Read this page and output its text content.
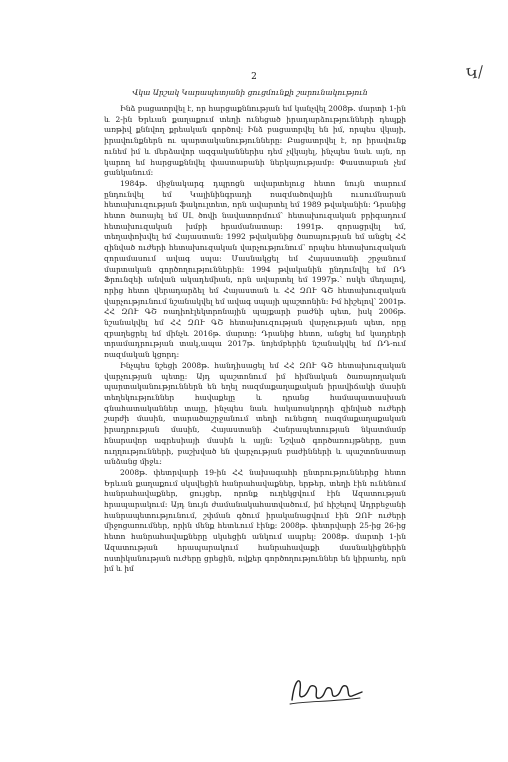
2	Կ/
Վկա Արշակ Կարապետյանի ցուցմունքի շարունակություն

Ինձ բացատրվել է, որ հարցաքննության եմ կանչվել 2008թ. մարտի 1-ին և 2-ին Երևան քաղաքում տեղի ունեցած իրադարձությունների դեպքի առթիվ քննվող քրեական գործով: Ինձ բացատրվել են իմ, որպես վկայի, իրավունքներն ու պարտականությունները: Բացատրվել է, որ իրավունք ունեմ իմ և մերձավոր ազգականներիս դեմ չվկայել, ինչպես նաև այն, որ կարող եմ հարցաքննվել փաստաբանի ներկայությամբ: Փաստաբան չեմ ցանկանում:

1984թ. միջնակարգ դպրոցն ավարտելուց հետո նույն տարում ընդունվել եմ Կալինինգրադի ռազմածովային ուսումնարան հետախուզության ֆակուլտետ, որն ավարտել եմ 1989 թվականին: Դրանից հետո ծառայել եմ ՍԼ ծովի նավատորմում՝ հետախուզական բրիգադում հետախուզական խմբի հրամանատար: 1991թ. զորացրվել եմ, տեղափոխվել եմ Հայաստան: 1992 թվականից ծառայության եմ անցել ՀՀ զինված ուժերի հետախուզական վարչությունում՝ որպես հետախուզական զորամասում ավագ սպա: Մասնակցել եմ Հայաստանի շրջանում մարտական գործողություններին: 1994 թվականին ընդունվել եմ ՌԴ Ֆրունզեի անվան ակադեմիան, որն ավարտել եմ 1997թ.՝ ոսկե մեդալով, որից հետո վերադարձել եմ Հայաստան և ՀՀ ԶՈՒ ԳՇ հետախուզական վարչությունում նշանակվել եմ ավագ սպայի պաշտոնին: Իմ հիշելով՝ 2001թ. ՀՀ ԶՈՒ ԳՇ ռադիոէլեկտրոնային պայքարի բաժնի պետ, իսկ 2006թ. նշանակվել եմ ՀՀ ԶՈՒ ԳՇ հետախուզության վարչության պետ, որը զբաղեցրել եմ մինչև 2016թ. մարտը: Դրանից հետո, անցել եմ կադրերի տրամադրության տակ,ապա 2017թ. նոյեմբերին նշանակվել եմ ՌԴ-ում ռազմական կցորդ:

Ինչպես նշեցի 2008թ. հանդիսացել եմ ՀՀ ԶՈՒ ԳՇ հետախուզական վարչության պետը: Այդ պաշտոնում իմ հիմնական ծառայողական պարտականություններն են եղել ռազմաքաղաքական իրավիճակի մասին տեղեկություններ հավաքելը և դրանց համապատասխան գնահատականներ տալը, ինչպես նաև հակառակորդի զինված ուժերի շարժի մասին, տարածաշրջանում տեղի ունեցող ռազմաքաղաքական իրադրության մասին, Հայաստանի Հանրապետության նկատմամբ հնարավոր ագրեսիայի մասին և այլն: Նշված գործառույթները, ըստ ուղղությունների, բաշխված են վարչության բաժինների և պաշտոնատար անձանց միջև:

2008թ. փետրվարի 19-ին ՀՀ նախագահի ընտրություններից հետո Երևան քաղաքում սկսվեցին հանրահավաքներ, երթեր, տեղի էին ունենում հանրահավաքներ, ցույցեր, որոնք ուղեկցվում էին Ազատության հրապարակում: Այդ նույն ժամանակահատվածում, իմ հիշելով Ադրբեջանի հանրապետությունում, շփման գծում իրականացվում էին ԶՈՒ ուժերի միջոցառումներ, որին մենք հետևում էինք: 2008թ. փետրվարի 25-ից 26-ից հետո հանրահավաքները սկսեցին անկում ապրել: 2008թ. մարտի 1-ին Ազատության հրապարակում հանրահավաքի մասնակիցներին ոստիկանության ուժերը ցրեցին, ովքեր գործողություններ են կիրառել, որն իմ և իմ
